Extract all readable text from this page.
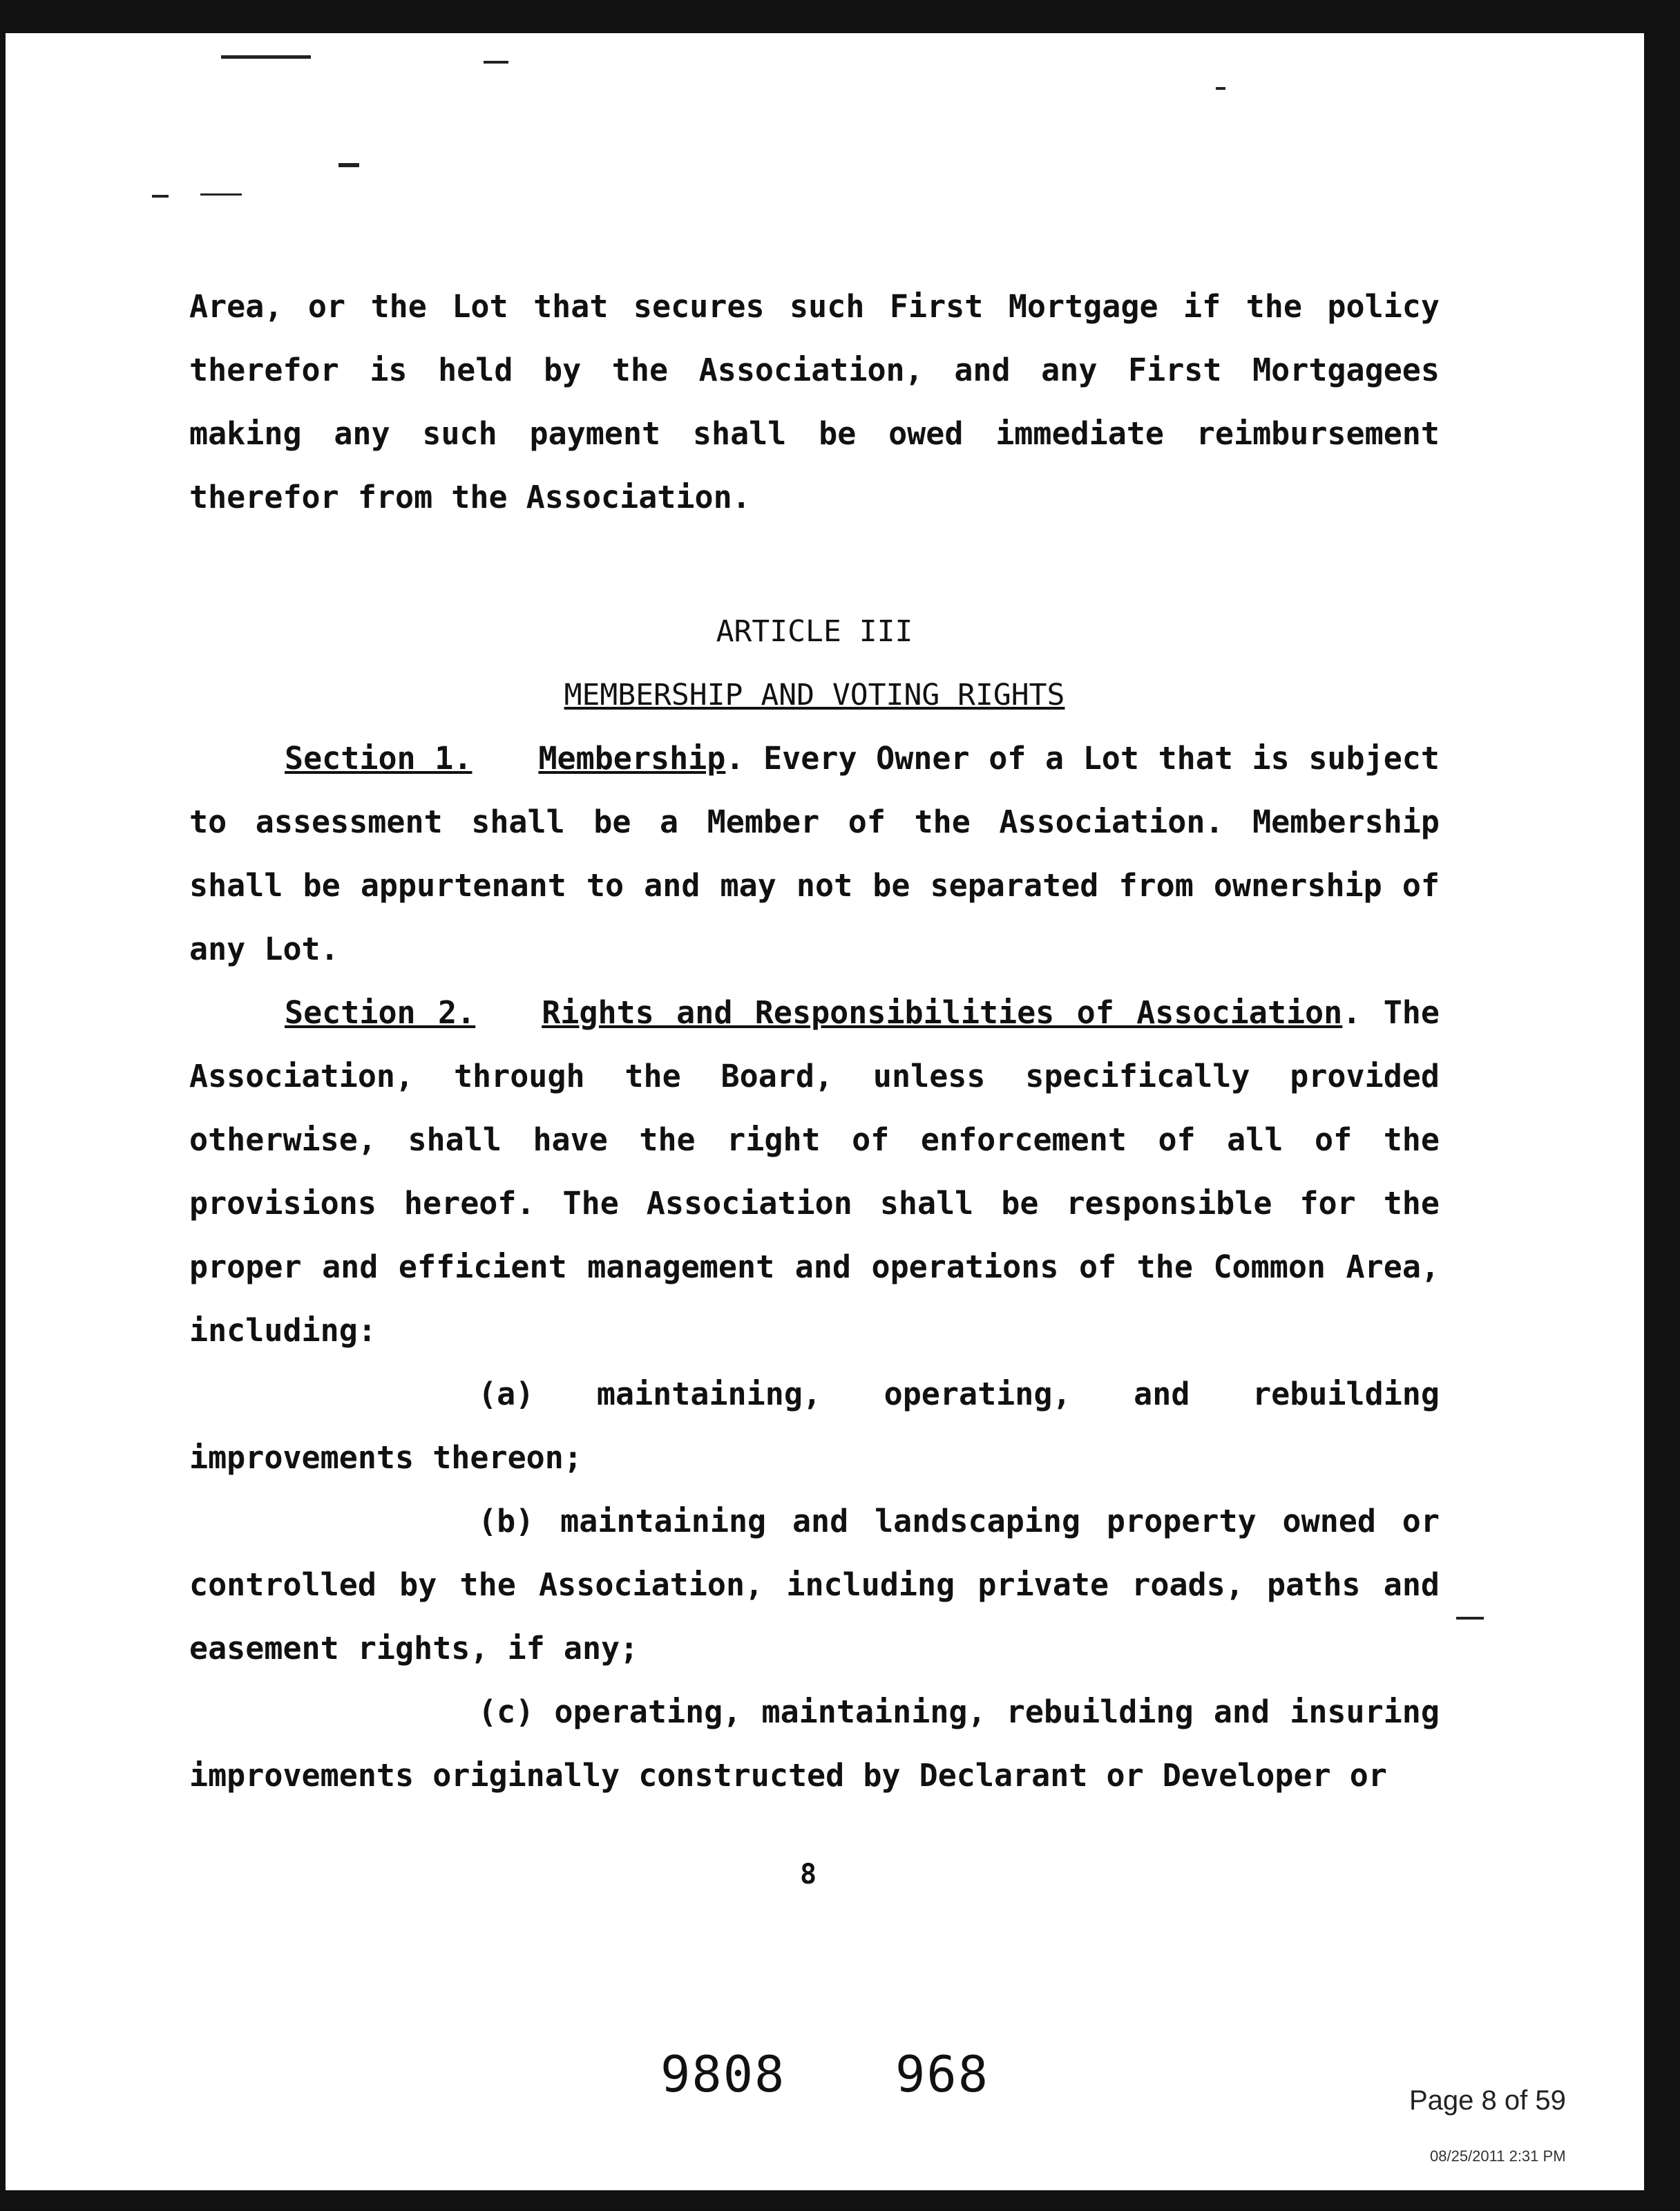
Area, or the Lot that secures such First Mortgage if the policy therefor is held by the Association, and any First Mortgagees making any such payment shall be owed immediate reimbursement therefor from the Association.

ARTICLE III
MEMBERSHIP AND VOTING RIGHTS

Section 1. Membership. Every Owner of a Lot that is subject to assessment shall be a Member of the Association. Membership shall be appurtenant to and may not be separated from ownership of any Lot.

Section 2. Rights and Responsibilities of Association. The Association, through the Board, unless specifically provided otherwise, shall have the right of enforcement of all of the provisions hereof. The Association shall be responsible for the proper and efficient management and operations of the Common Area, including:

(a) maintaining, operating, and rebuilding improvements thereon;

(b) maintaining and landscaping property owned or controlled by the Association, including private roads, paths and easement rights, if any;

(c) operating, maintaining, rebuilding and insuring improvements originally constructed by Declarant or Developer or

8
9808 968	Page 8 of 59
08/25/2011 2:31 PM
